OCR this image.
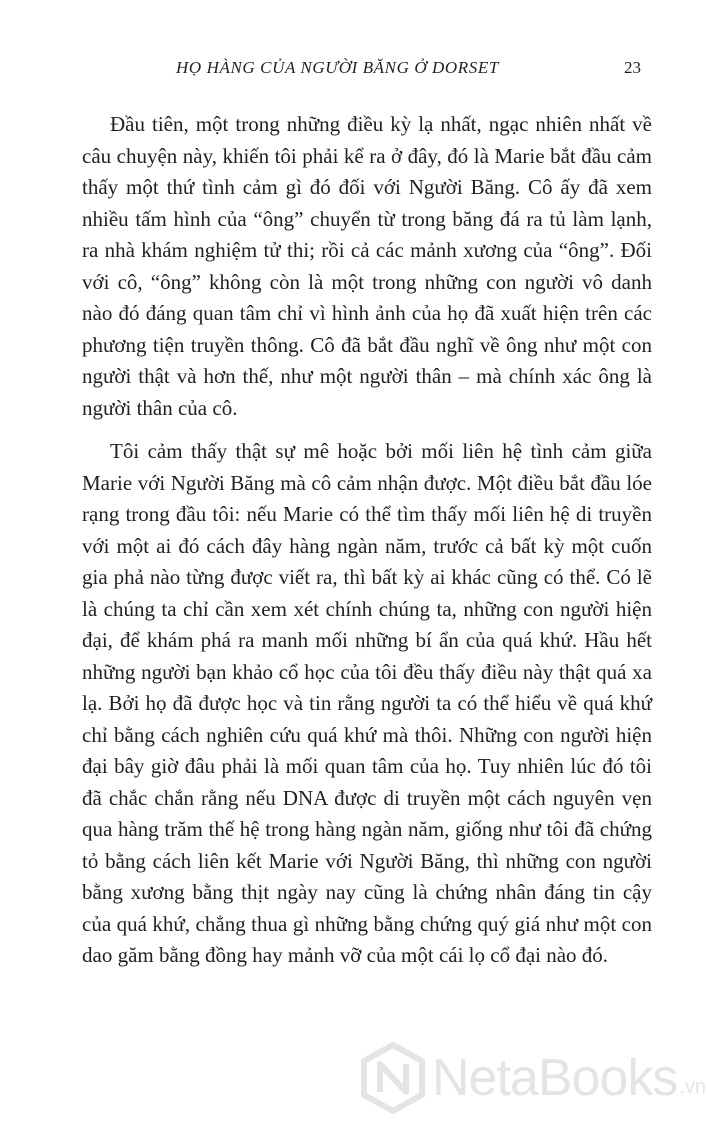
HỌ HÀNG CỦA NGƯỜI BĂNG Ở DORSET	23

Đầu tiên, một trong những điều kỳ lạ nhất, ngạc nhiên nhất về câu chuyện này, khiến tôi phải kể ra ở đây, đó là Marie bắt đầu cảm thấy một thứ tình cảm gì đó đối với Người Băng. Cô ấy đã xem nhiều tấm hình của “ông” chuyển từ trong băng đá ra tủ làm lạnh, ra nhà khám nghiệm tử thi; rồi cả các mảnh xương của “ông”. Đối với cô, “ông” không còn là một trong những con người vô danh nào đó đáng quan tâm chỉ vì hình ảnh của họ đã xuất hiện trên các phương tiện truyền thông. Cô đã bắt đầu nghĩ về ông như một con người thật và hơn thế, như một người thân – mà chính xác ông là người thân của cô.

Tôi cảm thấy thật sự mê hoặc bởi mối liên hệ tình cảm giữa Marie với Người Băng mà cô cảm nhận được. Một điều bắt đầu lóe rạng trong đầu tôi: nếu Marie có thể tìm thấy mối liên hệ di truyền với một ai đó cách đây hàng ngàn năm, trước cả bất kỳ một cuốn gia phả nào từng được viết ra, thì bất kỳ ai khác cũng có thể. Có lẽ là chúng ta chỉ cần xem xét chính chúng ta, những con người hiện đại, để khám phá ra manh mối những bí ẩn của quá khứ. Hầu hết những người bạn khảo cổ học của tôi đều thấy điều này thật quá xa lạ. Bởi họ đã được học và tin rằng người ta có thể hiểu về quá khứ chỉ bằng cách nghiên cứu quá khứ mà thôi. Những con người hiện đại bây giờ đâu phải là mối quan tâm của họ. Tuy nhiên lúc đó tôi đã chắc chắn rằng nếu DNA được di truyền một cách nguyên vẹn qua hàng trăm thế hệ trong hàng ngàn năm, giống như tôi đã chứng tỏ bằng cách liên kết Marie với Người Băng, thì những con người bằng xương bằng thịt ngày nay cũng là chứng nhân đáng tin cậy của quá khứ, chẳng thua gì những bằng chứng quý giá như một con dao găm bằng đồng hay mảnh vỡ của một cái lọ cổ đại nào đó.

NetaBooks .vn
